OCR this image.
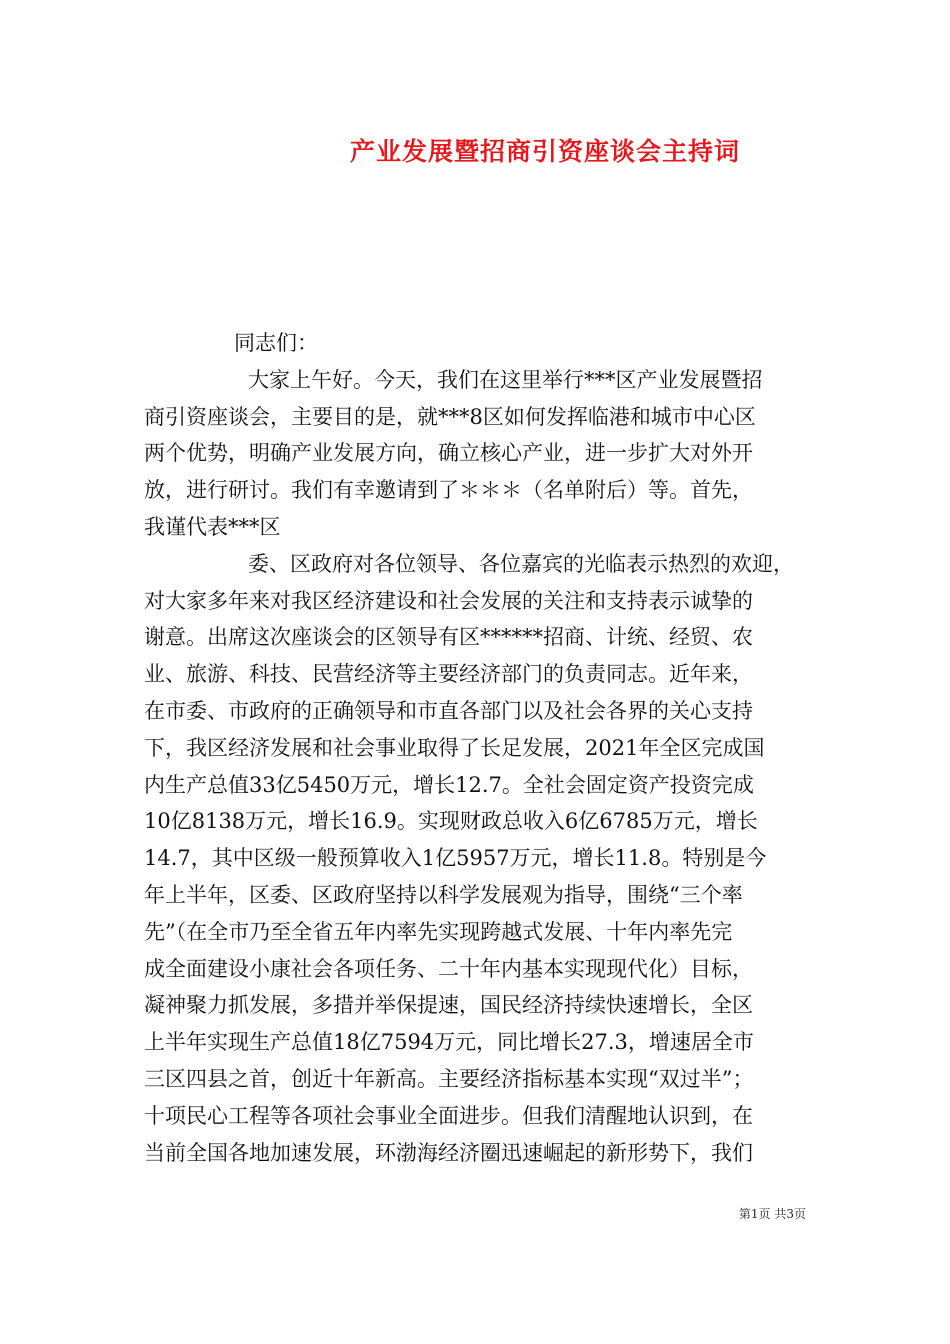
产业发展暨招商引资座谈会主持词

同志们：

大家上午好。今天，我们在这里举行***区产业发展暨招

商引资座谈会，主要目的是，就***8区如何发挥临港和城市中心区

两个优势，明确产业发展方向，确立核心产业，进一步扩大对外开

放，进行研讨。我们有幸邀请到了＊＊＊（名单附后）等。首先，

我谨代表***区

委、区政府对各位领导、各位嘉宾的光临表示热烈的欢迎，

对大家多年来对我区经济建设和社会发展的关注和支持表示诚挚的

谢意。出席这次座谈会的区领导有区******招商、计统、经贸、农

业、旅游、科技、民营经济等主要经济部门的负责同志。近年来，

在市委、市政府的正确领导和市直各部门以及社会各界的关心支持

下，我区经济发展和社会事业取得了长足发展，2021年全区完成国

内生产总值33亿5450万元，增长12.7。全社会固定资产投资完成

10亿8138万元，增长16.9。实现财政总收入6亿6785万元，增长

14.7，其中区级一般预算收入1亿5957万元，增长11.8。特别是今

年上半年，区委、区政府坚持以科学发展观为指导，围绕“三个率

先”（在全市乃至全省五年内率先实现跨越式发展、十年内率先完

成全面建设小康社会各项任务、二十年内基本实现现代化）目标，

凝神聚力抓发展，多措并举保提速，国民经济持续快速增长，全区

上半年实现生产总值18亿7594万元，同比增长27.3，增速居全市

三区四县之首，创近十年新高。主要经济指标基本实现“双过半”；

十项民心工程等各项社会事业全面进步。但我们清醒地认识到，在

当前全国各地加速发展，环渤海经济圈迅速崛起的新形势下，我们

第1页 共3页
